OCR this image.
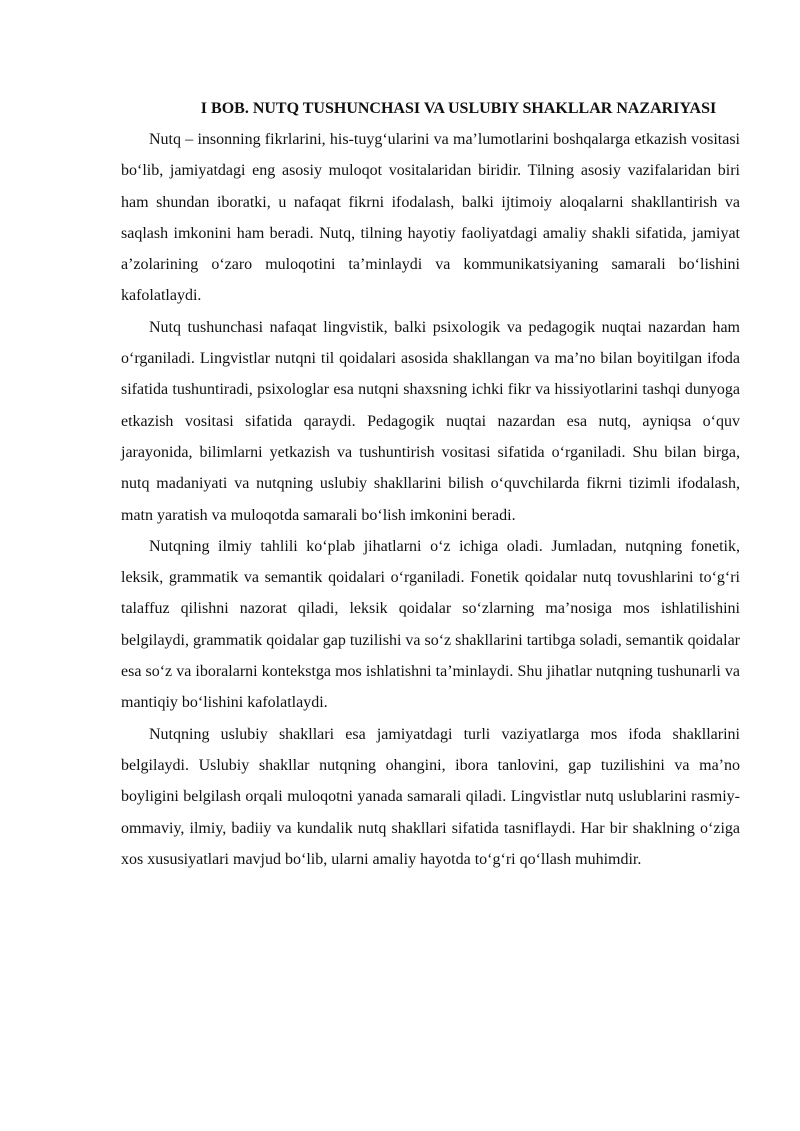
I BOB. NUTQ TUSHUNCHASI VA USLUBIY SHAKLLAR NAZARIYASI

Nutq – insonning fikrlarini, his-tuyg‘ularini va ma’lumotlarini boshqalarga etkazish vositasi bo‘lib, jamiyatdagi eng asosiy muloqot vositalaridan biridir. Tilning asosiy vazifalaridan biri ham shundan iboratki, u nafaqat fikrni ifodalash, balki ijtimoiy aloqalarni shakllantirish va saqlash imkonini ham beradi. Nutq, tilning hayotiy faoliyatdagi amaliy shakli sifatida, jamiyat a’zolarining o‘zaro muloqotini ta’minlaydi va kommunikatsiyaning samarali bo‘lishini kafolatlaydi.

Nutq tushunchasi nafaqat lingvistik, balki psixologik va pedagogik nuqtai nazardan ham o‘rganiladi. Lingvistlar nutqni til qoidalari asosida shakllangan va ma’no bilan boyitilgan ifoda sifatida tushuntiradi, psixologlar esa nutqni shaxsning ichki fikr va hissiyotlarini tashqi dunyoga etkazish vositasi sifatida qaraydi. Pedagogik nuqtai nazardan esa nutq, ayniqsa o‘quv jarayonida, bilimlarni yetkazish va tushuntirish vositasi sifatida o‘rganiladi. Shu bilan birga, nutq madaniyati va nutqning uslubiy shakllarini bilish o‘quvchilarda fikrni tizimli ifodalash, matn yaratish va muloqotda samarali bo‘lish imkonini beradi.

Nutqning ilmiy tahlili ko‘plab jihatlarni o‘z ichiga oladi. Jumladan, nutqning fonetik, leksik, grammatik va semantik qoidalari o‘rganiladi. Fonetik qoidalar nutq tovushlarini to‘g‘ri talaffuz qilishni nazorat qiladi, leksik qoidalar so‘zlarning ma’nosiga mos ishlatilishini belgilaydi, grammatik qoidalar gap tuzilishi va so‘z shakllarini tartibga soladi, semantik qoidalar esa so‘z va iboralarni kontekstga mos ishlatishni ta’minlaydi. Shu jihatlar nutqning tushunarli va mantiqiy bo‘lishini kafolatlaydi.

Nutqning uslubiy shakllari esa jamiyatdagi turli vaziyatlarga mos ifoda shakllarini belgilaydi. Uslubiy shakllar nutqning ohangini, ibora tanlovini, gap tuzilishini va ma’no boyligini belgilash orqali muloqotni yanada samarali qiladi. Lingvistlar nutq uslublarini rasmiy-ommaviy, ilmiy, badiiy va kundalik nutq shakllari sifatida tasniflaydi. Har bir shaklning o‘ziga xos xususiyatlari mavjud bo‘lib, ularni amaliy hayotda to‘g‘ri qo‘llash muhimdir.
